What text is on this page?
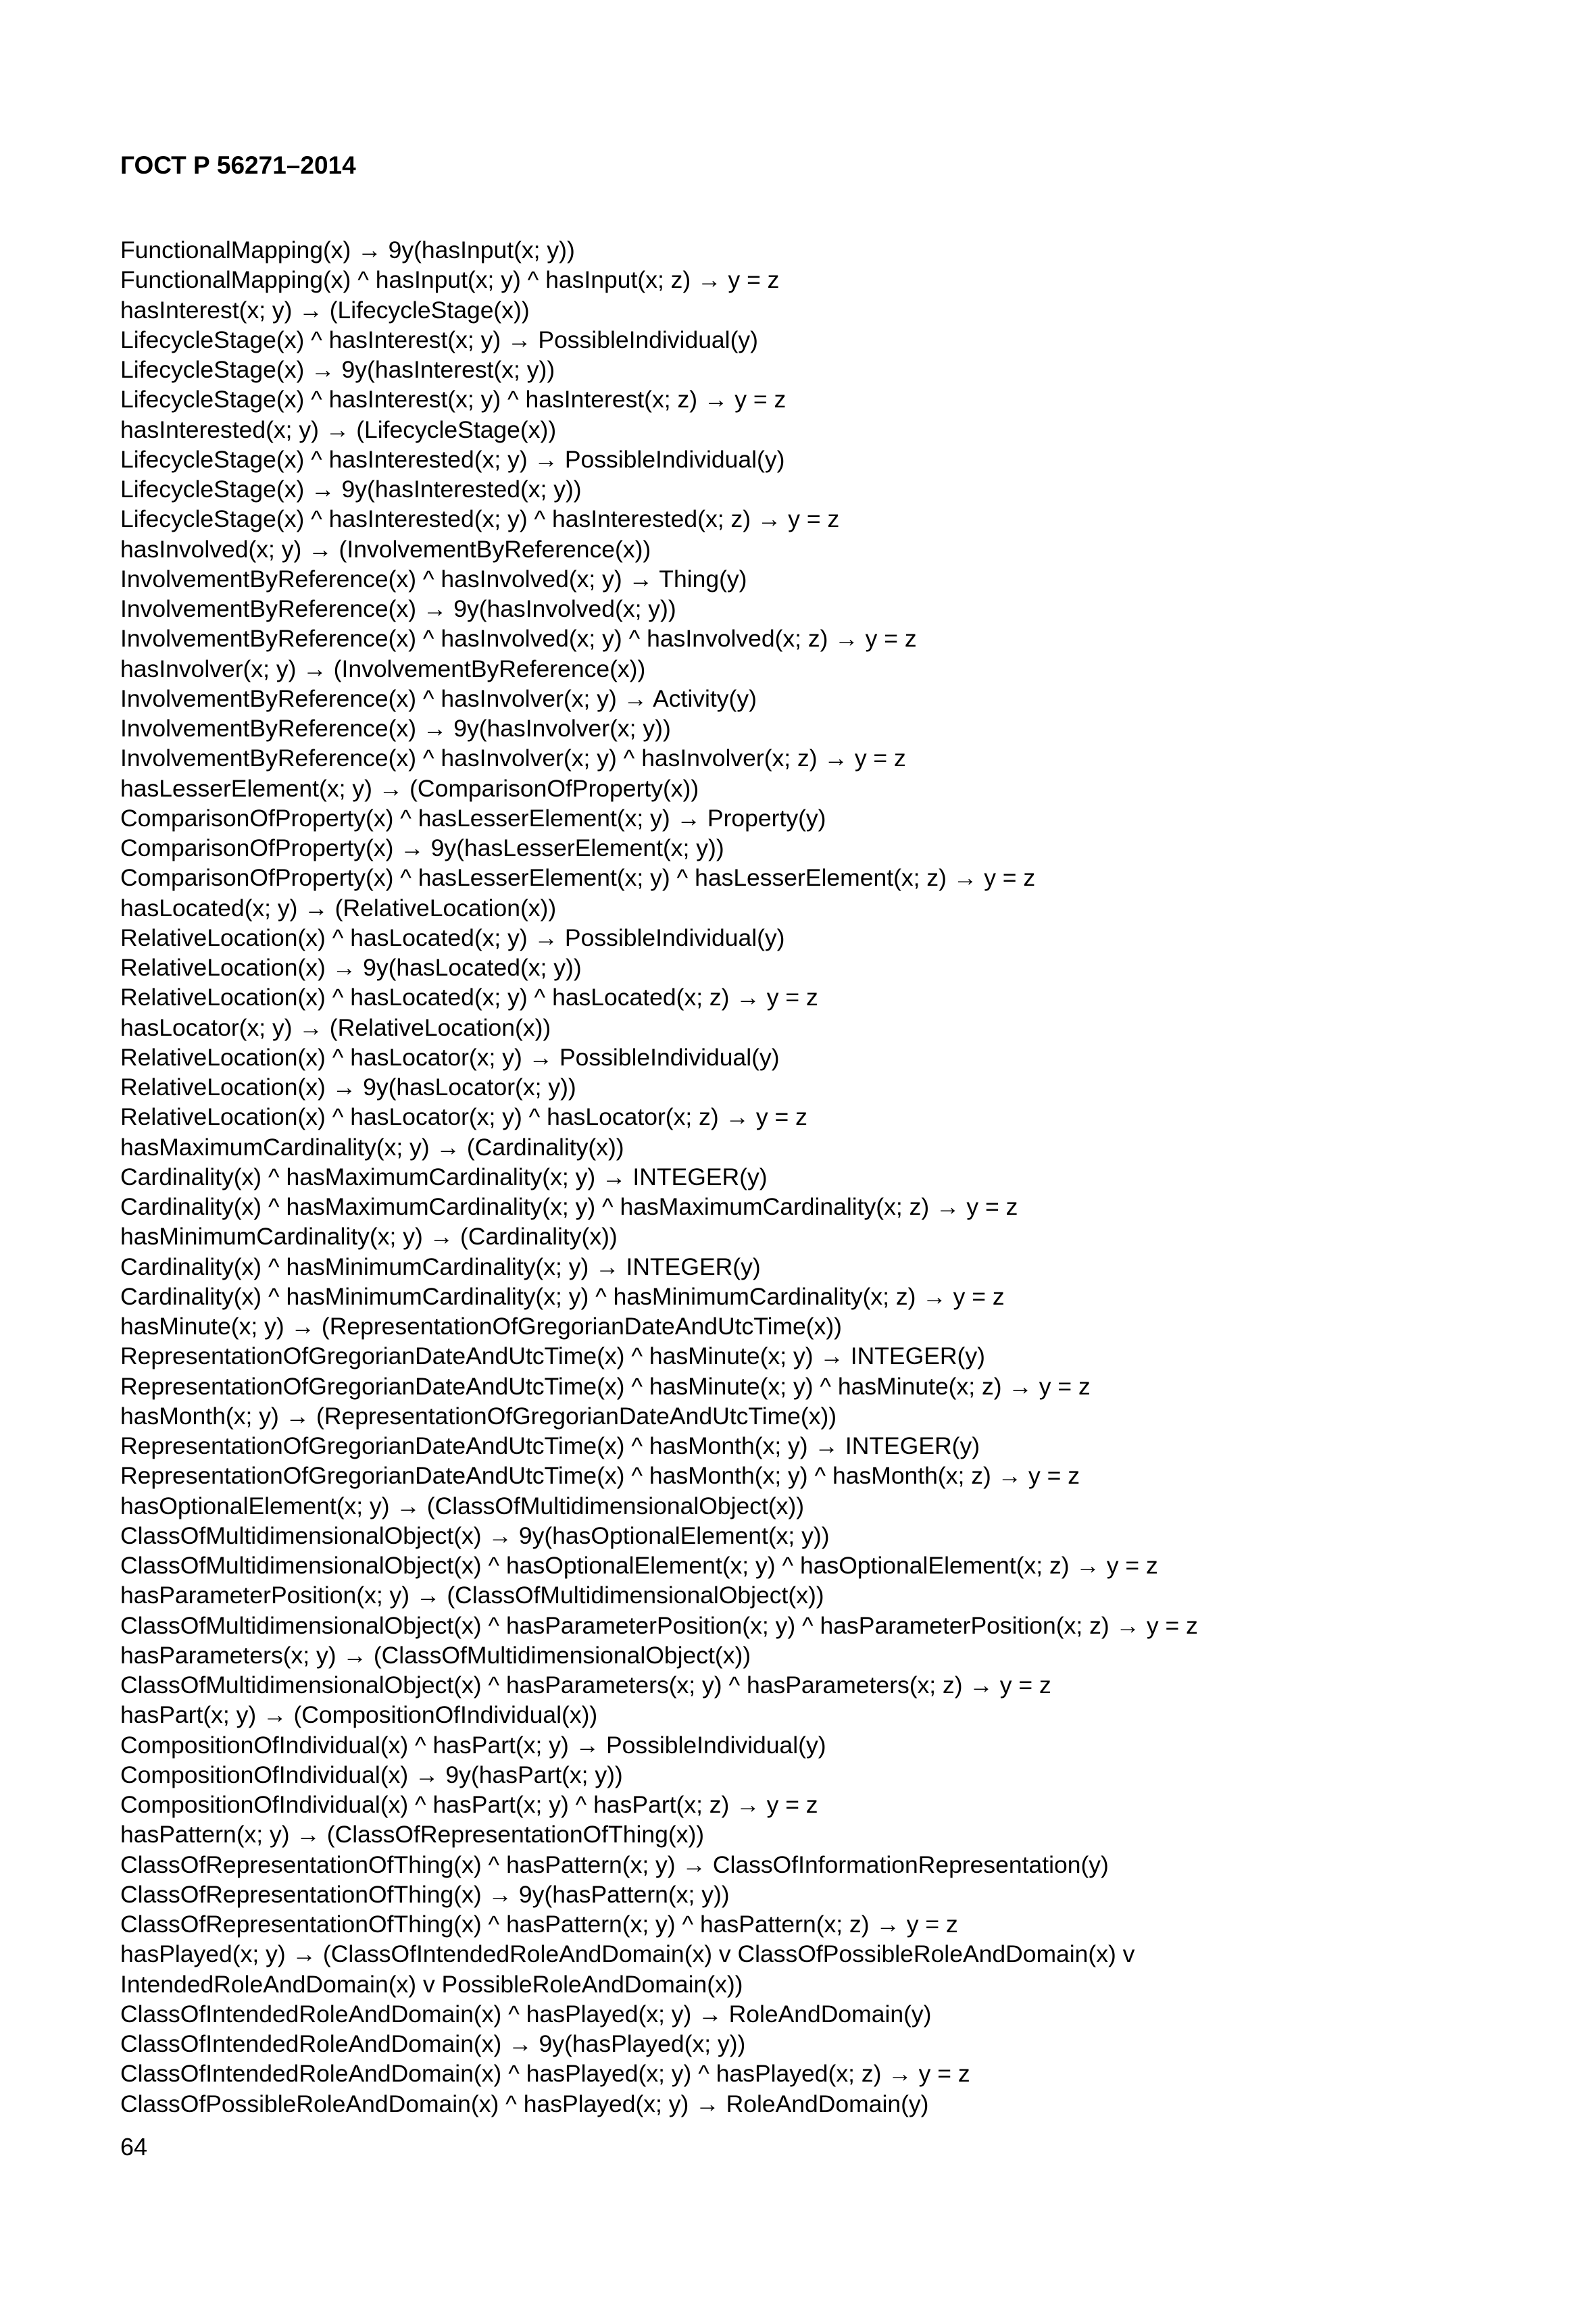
ГОСТ Р 56271–2014
FunctionalMapping(x) → 9y(hasInput(x; y))
FunctionalMapping(x) ^ hasInput(x; y) ^ hasInput(x; z) → y = z
hasInterest(x; y) → (LifecycleStage(x))
LifecycleStage(x) ^ hasInterest(x; y) → PossibleIndividual(y)
LifecycleStage(x) → 9y(hasInterest(x; y))
LifecycleStage(x) ^ hasInterest(x; y) ^ hasInterest(x; z) → y = z
hasInterested(x; y) → (LifecycleStage(x))
LifecycleStage(x) ^ hasInterested(x; y) → PossibleIndividual(y)
LifecycleStage(x) → 9y(hasInterested(x; y))
LifecycleStage(x) ^ hasInterested(x; y) ^ hasInterested(x; z) → y = z
hasInvolved(x; y) → (InvolvementByReference(x))
InvolvementByReference(x) ^ hasInvolved(x; y) → Thing(y)
InvolvementByReference(x) → 9y(hasInvolved(x; y))
InvolvementByReference(x) ^ hasInvolved(x; y) ^ hasInvolved(x; z) → y = z
hasInvolver(x; y) → (InvolvementByReference(x))
InvolvementByReference(x) ^ hasInvolver(x; y) → Activity(y)
InvolvementByReference(x) → 9y(hasInvolver(x; y))
InvolvementByReference(x) ^ hasInvolver(x; y) ^ hasInvolver(x; z) → y = z
hasLesserElement(x; y) → (ComparisonOfProperty(x))
ComparisonOfProperty(x) ^ hasLesserElement(x; y) → Property(y)
ComparisonOfProperty(x) → 9y(hasLesserElement(x; y))
ComparisonOfProperty(x) ^ hasLesserElement(x; y) ^ hasLesserElement(x; z) → y = z
hasLocated(x; y) → (RelativeLocation(x))
RelativeLocation(x) ^ hasLocated(x; y) → PossibleIndividual(y)
RelativeLocation(x) → 9y(hasLocated(x; y))
RelativeLocation(x) ^ hasLocated(x; y) ^ hasLocated(x; z) → y = z
hasLocator(x; y) → (RelativeLocation(x))
RelativeLocation(x) ^ hasLocator(x; y) → PossibleIndividual(y)
RelativeLocation(x) → 9y(hasLocator(x; y))
RelativeLocation(x) ^ hasLocator(x; y) ^ hasLocator(x; z) → y = z
hasMaximumCardinality(x; y) → (Cardinality(x))
Cardinality(x) ^ hasMaximumCardinality(x; y) → INTEGER(y)
Cardinality(x) ^ hasMaximumCardinality(x; y) ^ hasMaximumCardinality(x; z) → y = z
hasMinimumCardinality(x; y) → (Cardinality(x))
Cardinality(x) ^ hasMinimumCardinality(x; y) → INTEGER(y)
Cardinality(x) ^ hasMinimumCardinality(x; y) ^ hasMinimumCardinality(x; z) → y = z
hasMinute(x; y) → (RepresentationOfGregorianDateAndUtcTime(x))
RepresentationOfGregorianDateAndUtcTime(x) ^ hasMinute(x; y) → INTEGER(y)
RepresentationOfGregorianDateAndUtcTime(x) ^ hasMinute(x; y) ^ hasMinute(x; z) → y = z
hasMonth(x; y) → (RepresentationOfGregorianDateAndUtcTime(x))
RepresentationOfGregorianDateAndUtcTime(x) ^ hasMonth(x; y) → INTEGER(y)
RepresentationOfGregorianDateAndUtcTime(x) ^ hasMonth(x; y) ^ hasMonth(x; z) → y = z
hasOptionalElement(x; y) → (ClassOfMultidimensionalObject(x))
ClassOfMultidimensionalObject(x) → 9y(hasOptionalElement(x; y))
ClassOfMultidimensionalObject(x) ^ hasOptionalElement(x; y) ^ hasOptionalElement(x; z) → y = z
hasParameterPosition(x; y) → (ClassOfMultidimensionalObject(x))
ClassOfMultidimensionalObject(x) ^ hasParameterPosition(x; y) ^ hasParameterPosition(x; z) → y = z
hasParameters(x; y) → (ClassOfMultidimensionalObject(x))
ClassOfMultidimensionalObject(x) ^ hasParameters(x; y) ^ hasParameters(x; z) → y = z
hasPart(x; y) → (CompositionOfIndividual(x))
CompositionOfIndividual(x) ^ hasPart(x; y) → PossibleIndividual(y)
CompositionOfIndividual(x) → 9y(hasPart(x; y))
CompositionOfIndividual(x) ^ hasPart(x; y) ^ hasPart(x; z) → y = z
hasPattern(x; y) → (ClassOfRepresentationOfThing(x))
ClassOfRepresentationOfThing(x) ^ hasPattern(x; y) → ClassOfInformationRepresentation(y)
ClassOfRepresentationOfThing(x) → 9y(hasPattern(x; y))
ClassOfRepresentationOfThing(x) ^ hasPattern(x; y) ^ hasPattern(x; z) → y = z
hasPlayed(x; y) → (ClassOfIntendedRoleAndDomain(x) v ClassOfPossibleRoleAndDomain(x) v
IntendedRoleAndDomain(x) v PossibleRoleAndDomain(x))
ClassOfIntendedRoleAndDomain(x) ^ hasPlayed(x; y) → RoleAndDomain(y)
ClassOfIntendedRoleAndDomain(x) → 9y(hasPlayed(x; y))
ClassOfIntendedRoleAndDomain(x) ^ hasPlayed(x; y) ^ hasPlayed(x; z) → y = z
ClassOfPossibleRoleAndDomain(x) ^ hasPlayed(x; y) → RoleAndDomain(y)
64
